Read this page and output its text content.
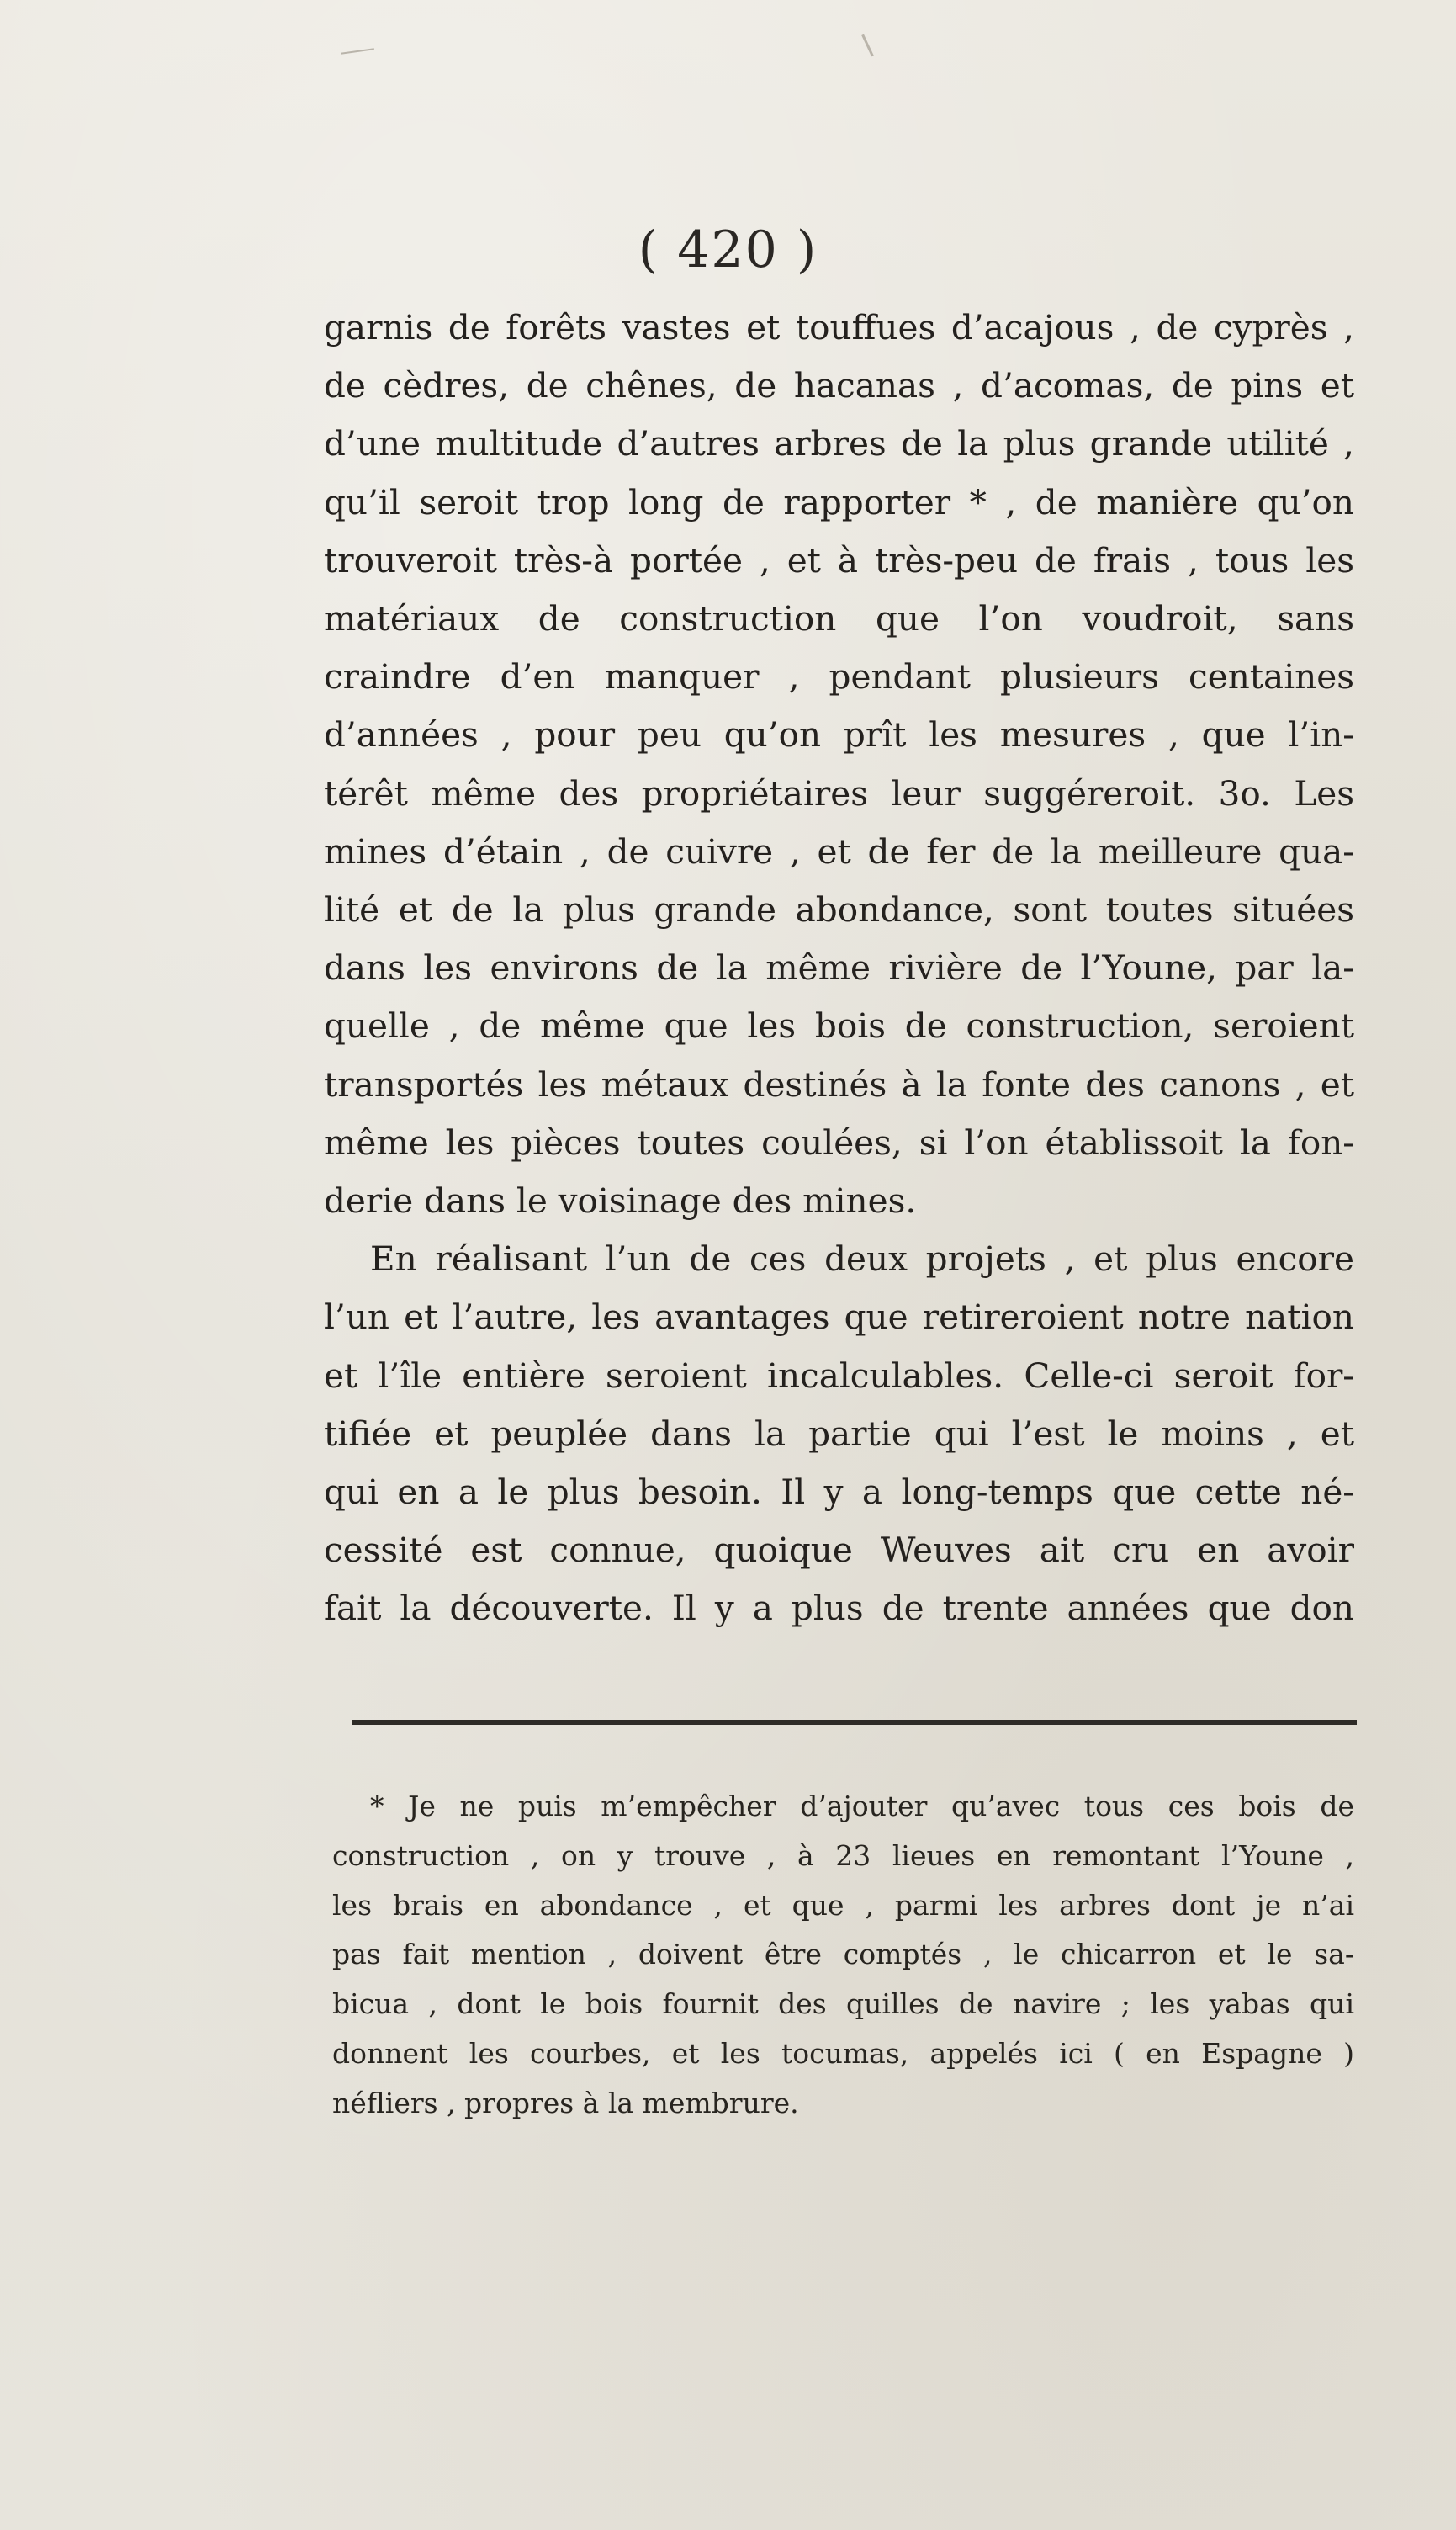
( 420 )
garnis de forêts vastes et touffues d’acajous , de cyprès ,
de cèdres, de chênes, de hacanas , d’acomas, de pins et
d’une multitude d’autres arbres de la plus grande utilité ,
qu’il seroit trop long de rapporter * , de manière qu’on
trouveroit très-à portée , et à très-peu de frais , tous les
matériaux de construction que l’on voudroit, sans
craindre d’en manquer , pendant plusieurs centaines
d’années , pour peu qu’on prît les mesures , que l’in-
térêt même des propriétaires leur suggéreroit. 3o. Les
mines d’étain , de cuivre , et de fer de la meilleure qua-
lité et de la plus grande abondance, sont toutes situées
dans les environs de la même rivière de l’Youne, par la-
quelle , de même que les bois de construction, seroient
transportés les métaux destinés à la fonte des canons , et
même les pièces toutes coulées, si l’on établissoit la fon-
derie dans le voisinage des mines.
En réalisant l’un de ces deux projets , et plus encore
l’un et l’autre, les avantages que retireroient notre nation
et l’île entière seroient incalculables. Celle-ci seroit for-
tifiée et peuplée dans la partie qui l’est le moins , et
qui en a le plus besoin. Il y a long-temps que cette né-
cessité est connue, quoique Weuves ait cru en avoir
fait la découverte. Il y a plus de trente années que don
* Je ne puis m’empêcher d’ajouter qu’avec tous ces bois de
construction , on y trouve , à 23 lieues en remontant l’Youne ,
les brais en abondance , et que , parmi les arbres dont je n’ai
pas fait mention , doivent être comptés , le chicarron et le sa-
bicua , dont le bois fournit des quilles de navire ; les yabas qui
donnent les courbes, et les tocumas, appelés ici ( en Espagne )
néfliers , propres à la membrure.
